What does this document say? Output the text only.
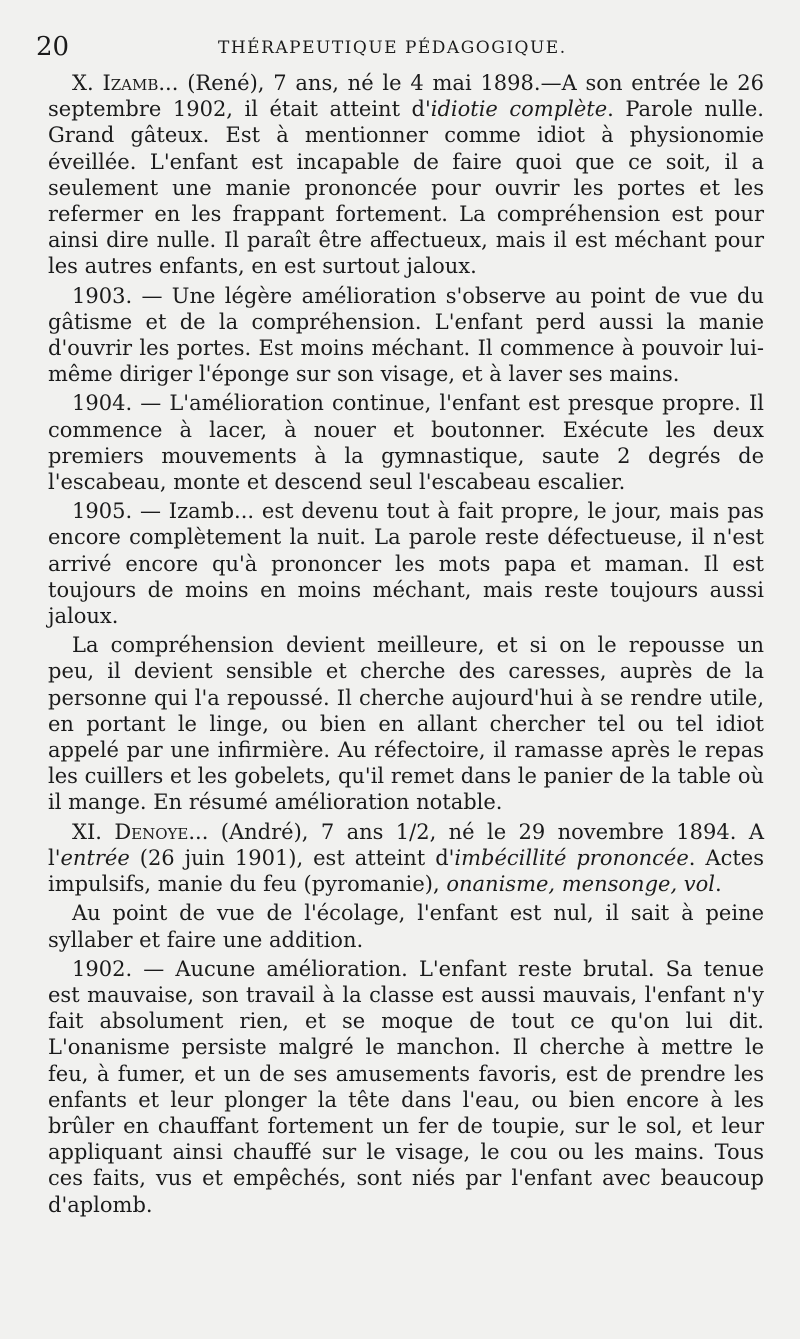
20	THÉRAPEUTIQUE PÉDAGOGIQUE.

X. Izamb... (René), 7 ans, né le 4 mai 1898.—A son entrée le 26 septembre 1902, il était atteint d'idiotie complète. Parole nulle. Grand gâteux. Est à mentionner comme idiot à physionomie éveillée. L'enfant est incapable de faire quoi que ce soit, il a seulement une manie prononcée pour ouvrir les portes et les refermer en les frappant fortement. La compréhension est pour ainsi dire nulle. Il paraît être affectueux, mais il est méchant pour les autres enfants, en est surtout jaloux.

1903. — Une légère amélioration s'observe au point de vue du gâtisme et de la compréhension. L'enfant perd aussi la manie d'ouvrir les portes. Est moins méchant. Il commence à pouvoir lui-même diriger l'éponge sur son visage, et à laver ses mains.

1904. — L'amélioration continue, l'enfant est presque propre. Il commence à lacer, à nouer et boutonner. Exécute les deux premiers mouvements à la gymnastique, saute 2 degrés de l'escabeau, monte et descend seul l'escabeau escalier.

1905. — Izamb... est devenu tout à fait propre, le jour, mais pas encore complètement la nuit. La parole reste défectueuse, il n'est arrivé encore qu'à prononcer les mots papa et maman. Il est toujours de moins en moins méchant, mais reste toujours aussi jaloux.

La compréhension devient meilleure, et si on le repousse un peu, il devient sensible et cherche des caresses, auprès de la personne qui l'a repoussé. Il cherche aujourd'hui à se rendre utile, en portant le linge, ou bien en allant chercher tel ou tel idiot appelé par une infirmière. Au réfectoire, il ramasse après le repas les cuillers et les gobelets, qu'il remet dans le panier de la table où il mange. En résumé amélioration notable.

XI. Denoye... (André), 7 ans 1/2, né le 29 novembre 1894. A l'entrée (26 juin 1901), est atteint d'imbécillité prononcée. Actes impulsifs, manie du feu (pyromanie), onanisme, mensonge, vol.

Au point de vue de l'écolage, l'enfant est nul, il sait à peine syllaber et faire une addition.

1902. — Aucune amélioration. L'enfant reste brutal. Sa tenue est mauvaise, son travail à la classe est aussi mauvais, l'enfant n'y fait absolument rien, et se moque de tout ce qu'on lui dit. L'onanisme persiste malgré le manchon. Il cherche à mettre le feu, à fumer, et un de ses amusements favoris, est de prendre les enfants et leur plonger la tête dans l'eau, ou bien encore à les brûler en chauffant fortement un fer de toupie, sur le sol, et leur appliquant ainsi chauffé sur le visage, le cou ou les mains. Tous ces faits, vus et empêchés, sont niés par l'enfant avec beaucoup d'aplomb.
